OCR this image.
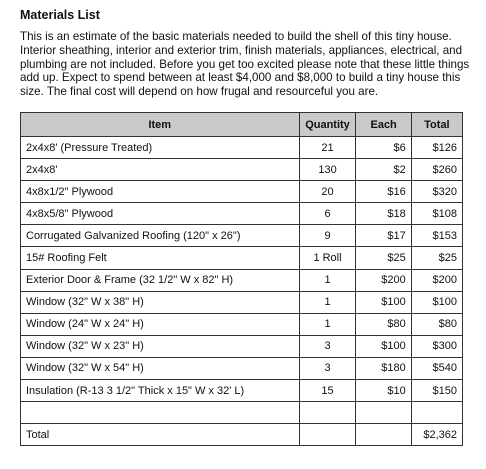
Materials List

This is an estimate of the basic materials needed to build the shell of this tiny house. Interior sheathing, interior and exterior trim, finish materials, appliances, electrical, and plumbing are not included. Before you get too excited please note that these little things add up. Expect to spend between at least $4,000 and $8,000 to build a tiny house this size. The final cost will depend on how frugal and resourceful you are.

Item	Quantity	Each	Total
2x4x8' (Pressure Treated)	21	$6	$126
2x4x8'	130	$2	$260
4x8x1/2" Plywood	20	$16	$320
4x8x5/8" Plywood	6	$18	$108
Corrugated Galvanized Roofing (120" x 26")	9	$17	$153
15# Roofing Felt	1 Roll	$25	$25
Exterior Door & Frame (32 1/2" W x 82" H)	1	$200	$200
Window (32" W x 38" H)	1	$100	$100
Window (24" W x 24" H)	1	$80	$80
Window (32" W x 23" H)	3	$100	$300
Window (32" W x 54" H)	3	$180	$540
Insulation (R-13 3 1/2" Thick x 15" W x 32' L)	15	$10	$150

Total			$2,362
